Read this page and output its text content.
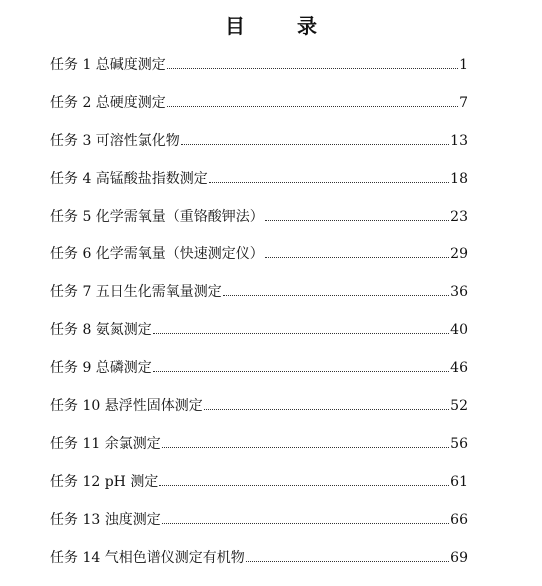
目	录
任务 1 总碱度测定	1
任务 2 总硬度测定	7
任务 3 可溶性氯化物	13
任务 4 高锰酸盐指数测定	18
任务 5 化学需氧量（重铬酸钾法）	23
任务 6 化学需氧量（快速测定仪）	29
任务 7 五日生化需氧量测定	36
任务 8 氨氮测定	40
任务 9 总磷测定	46
任务 10 悬浮性固体测定	52
任务 11 余氯测定	56
任务 12 pH 测定	61
任务 13 浊度测定	66
任务 14 气相色谱仪测定有机物	69
